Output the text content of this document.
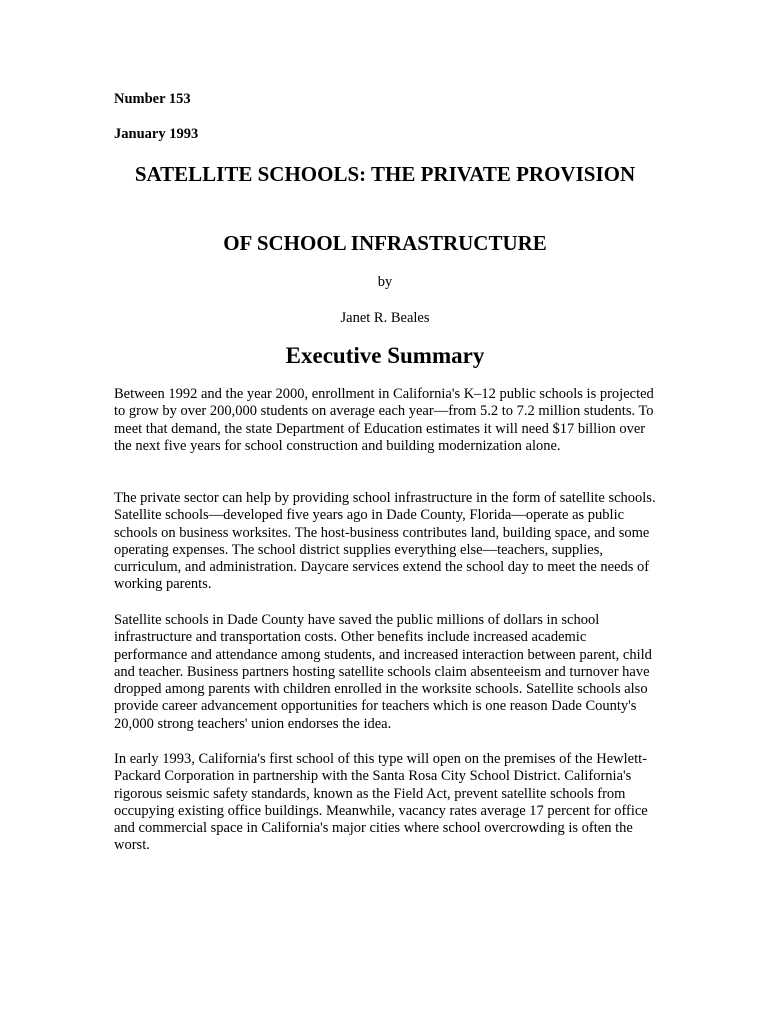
Number 153
January 1993
SATELLITE SCHOOLS: THE PRIVATE PROVISION
OF SCHOOL INFRASTRUCTURE
by
Janet R. Beales
Executive Summary

Between 1992 and the year 2000, enrollment in California's K–12 public schools is projected to grow by over 200,000 students on average each year—from 5.2 to 7.2 million students. To meet that demand, the state Department of Education estimates it will need $17 billion over the next five years for school construction and building modernization alone.

The private sector can help by providing school infrastructure in the form of satellite schools. Satellite schools—developed five years ago in Dade County, Florida—operate as public schools on business worksites. The host-business contributes land, building space, and some operating expenses. The school district supplies everything else—teachers, supplies, curriculum, and administration. Daycare services extend the school day to meet the needs of working parents.

Satellite schools in Dade County have saved the public millions of dollars in school infrastructure and transportation costs. Other benefits include increased academic performance and attendance among students, and increased interaction between parent, child and teacher. Business partners hosting satellite schools claim absenteeism and turnover have dropped among parents with children enrolled in the worksite schools. Satellite schools also provide career advancement opportunities for teachers which is one reason Dade County's 20,000 strong teachers' union endorses the idea.

In early 1993, California's first school of this type will open on the premises of the Hewlett-Packard Corporation in partnership with the Santa Rosa City School District. California's rigorous seismic safety standards, known as the Field Act, prevent satellite schools from occupying existing office buildings. Meanwhile, vacancy rates average 17 percent for office and commercial space in California's major cities where school overcrowding is often the worst.
